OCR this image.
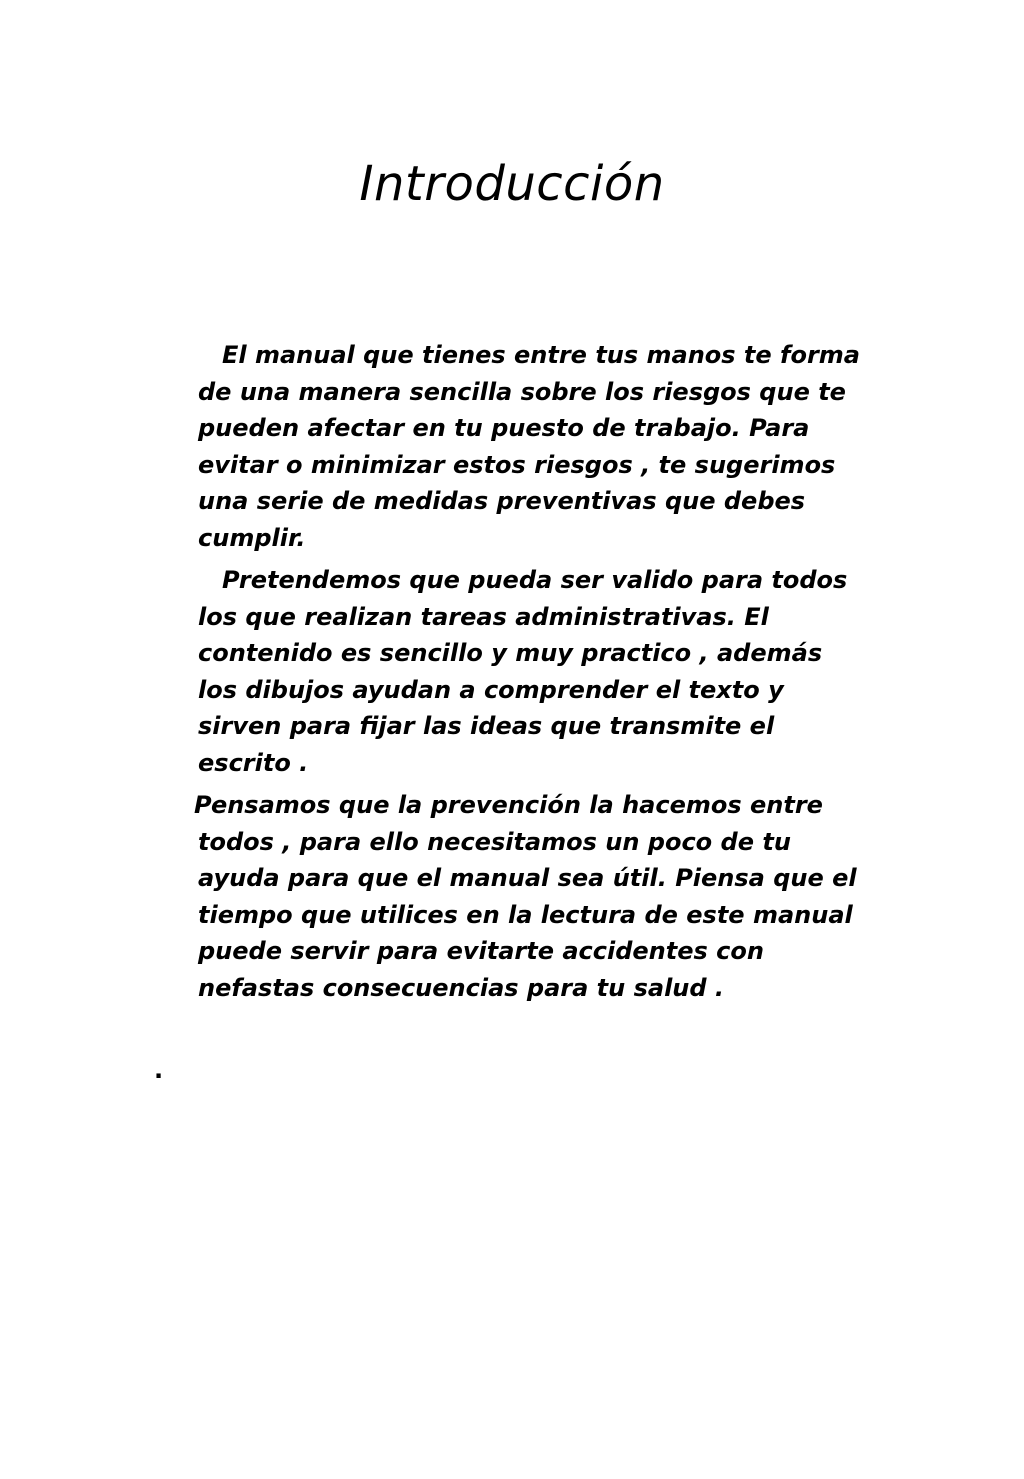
Introducción

El manual que tienes entre tus manos te forma de una manera sencilla sobre los riesgos que te pueden afectar en tu puesto de trabajo. Para evitar o minimizar estos riesgos , te sugerimos una serie de medidas preventivas que debes cumplir.

Pretendemos que pueda ser valido para todos los que realizan tareas administrativas. El contenido es sencillo y muy practico , además los dibujos ayudan a comprender el texto y sirven para fijar las ideas que transmite el escrito .

Pensamos que la prevención la hacemos entre todos , para ello necesitamos un poco de tu ayuda para que el manual sea útil. Piensa que el tiempo que utilices en la lectura de este manual puede servir para evitarte accidentes con nefastas consecuencias para tu salud .

.
